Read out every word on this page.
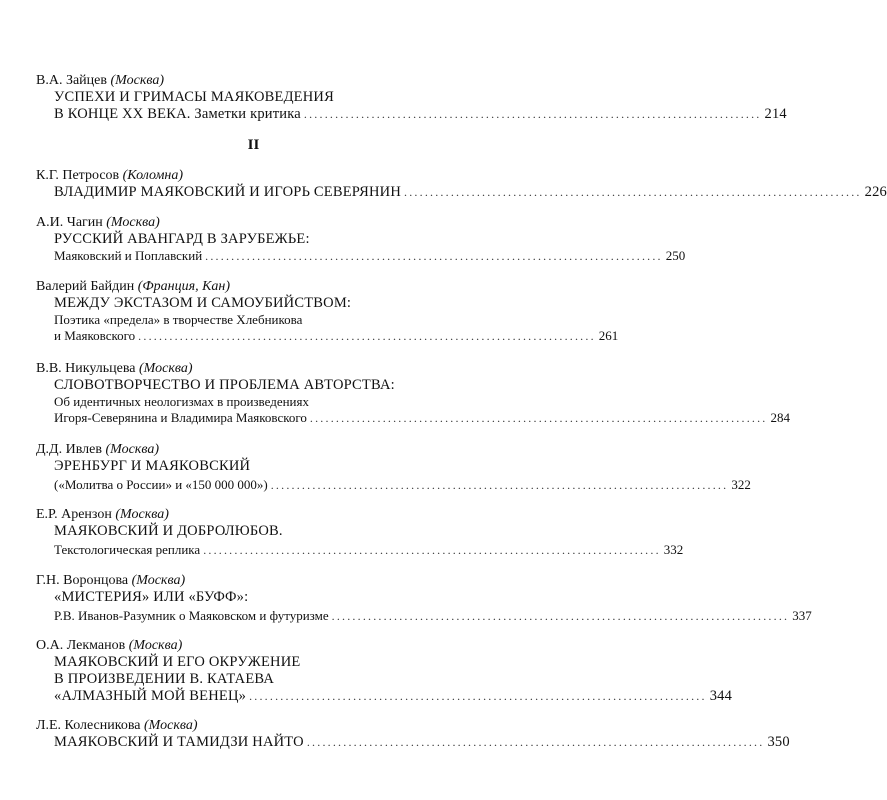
В.А. Зайцев (Москва)
УСПЕХИ И ГРИМАСЫ МАЯКОВЕДЕНИЯ
В КОНЦЕ XX ВЕКА. Заметки критика ........................................................................................ 214
II
К.Г. Петросов (Коломна)
ВЛАДИМИР МАЯКОВСКИЙ И ИГОРЬ СЕВЕРЯНИН ........................................................................................ 226
А.И. Чагин (Москва)
РУССКИЙ АВАНГАРД В ЗАРУБЕЖЬЕ:
Маяковский и Поплавский ........................................................................................ 250
Валерий Байдин (Франция, Кан)
МЕЖДУ ЭКСТАЗОМ И САМОУБИЙСТВОМ:
Поэтика «предела» в творчестве Хлебникова
и Маяковского ........................................................................................ 261
В.В. Никульцева (Москва)
СЛОВОТВОРЧЕСТВО И ПРОБЛЕМА АВТОРСТВА:
Об идентичных неологизмах в произведениях
Игоря-Северянина и Владимира Маяковского ........................................................................................ 284
Д.Д. Ивлев (Москва)
ЭРЕНБУРГ И МАЯКОВСКИЙ
(«Молитва о России» и «150 000 000») ........................................................................................ 322
Е.Р. Арензон (Москва)
МАЯКОВСКИЙ И ДОБРОЛЮБОВ.
Текстологическая реплика ........................................................................................ 332
Г.Н. Воронцова (Москва)
«МИСТЕРИЯ» ИЛИ «БУФФ»:
Р.В. Иванов-Разумник о Маяковском и футуризме ........................................................................................ 337
О.А. Лекманов (Москва)
МАЯКОВСКИЙ И ЕГО ОКРУЖЕНИЕ
В ПРОИЗВЕДЕНИИ В. КАТАЕВА
«АЛМАЗНЫЙ МОЙ ВЕНЕЦ» ........................................................................................ 344
Л.Е. Колесникова (Москва)
МАЯКОВСКИЙ И ТАМИДЗИ НАЙТО ........................................................................................ 350
